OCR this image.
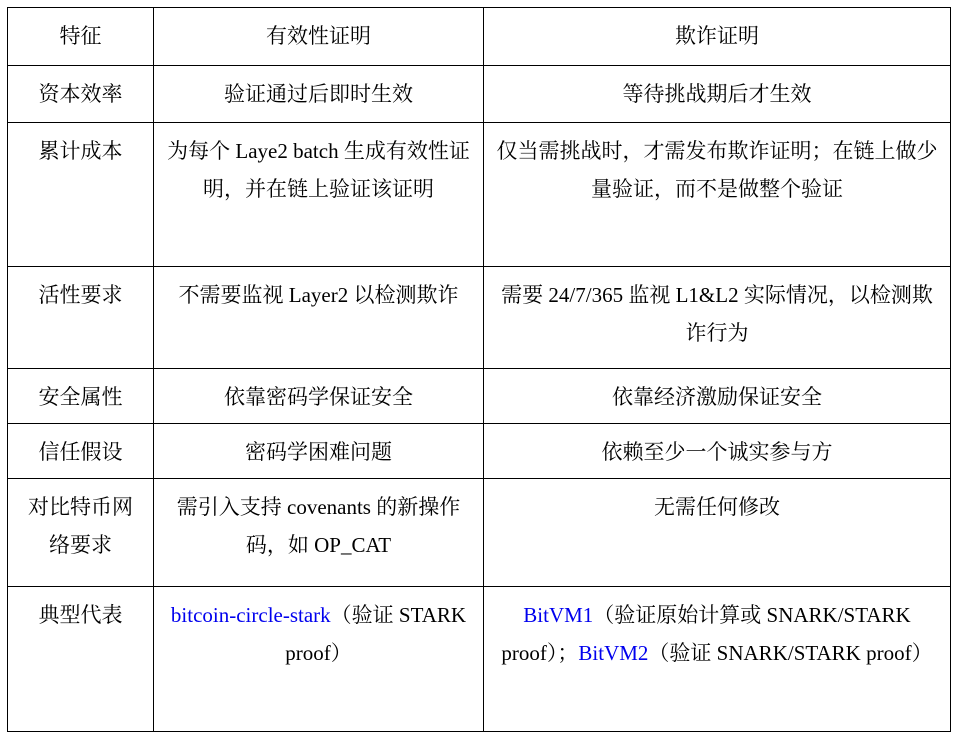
特征	有效性证明	欺诈证明
资本效率	验证通过后即时生效	等待挑战期后才生效
累计成本	为每个 Laye2 batch 生成有效性证明，并在链上验证该证明	仅当需挑战时，才需发布欺诈证明；在链上做少量验证，而不是做整个验证
活性要求	不需要监视 Layer2 以检测欺诈	需要 24/7/365 监视 L1&L2 实际情况，以检测欺诈行为
安全属性	依靠密码学保证安全	依靠经济激励保证安全
信任假设	密码学困难问题	依赖至少一个诚实参与方
对比特币网络要求	需引入支持 covenants 的新操作码，如 OP_CAT	无需任何修改
典型代表	bitcoin-circle-stark（验证 STARK proof）	BitVM1（验证原始计算或 SNARK/STARK proof）；BitVM2（验证 SNARK/STARK proof）
